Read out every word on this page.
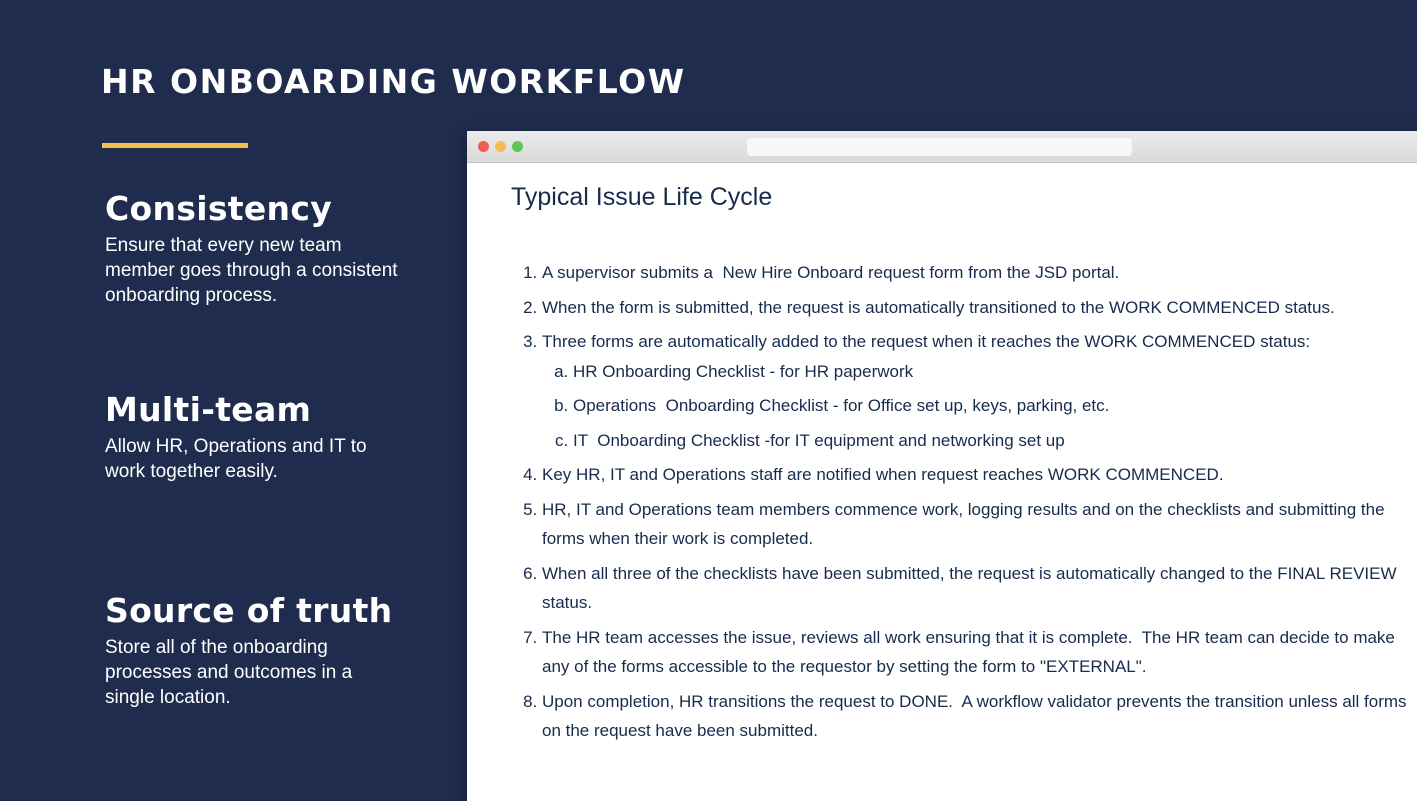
HR ONBOARDING WORKFLOW
Consistency

Ensure that every new team member goes through a consistent onboarding process.

Multi-team

Allow HR, Operations and IT to work together easily.

Source of truth

Store all of the onboarding processes and outcomes in a single location.

Typical Issue Life Cycle
1. A supervisor submits a  New Hire Onboard request form from the JSD portal.
2. When the form is submitted, the request is automatically transitioned to the WORK COMMENCED status.
3. Three forms are automatically added to the request when it reaches the WORK COMMENCED status:
a. HR Onboarding Checklist - for HR paperwork
b. Operations  Onboarding Checklist - for Office set up, keys, parking, etc.
c. IT  Onboarding Checklist -for IT equipment and networking set up
4. Key HR, IT and Operations staff are notified when request reaches WORK COMMENCED.
5. HR, IT and Operations team members commence work, logging results and on the checklists and submitting the forms when their work is completed.
6. When all three of the checklists have been submitted, the request is automatically changed to the FINAL REVIEW status.
7. The HR team accesses the issue, reviews all work ensuring that it is complete.  The HR team can decide to make any of the forms accessible to the requestor by setting the form to "EXTERNAL".
8. Upon completion, HR transitions the request to DONE.  A workflow validator prevents the transition unless all forms on the request have been submitted.
